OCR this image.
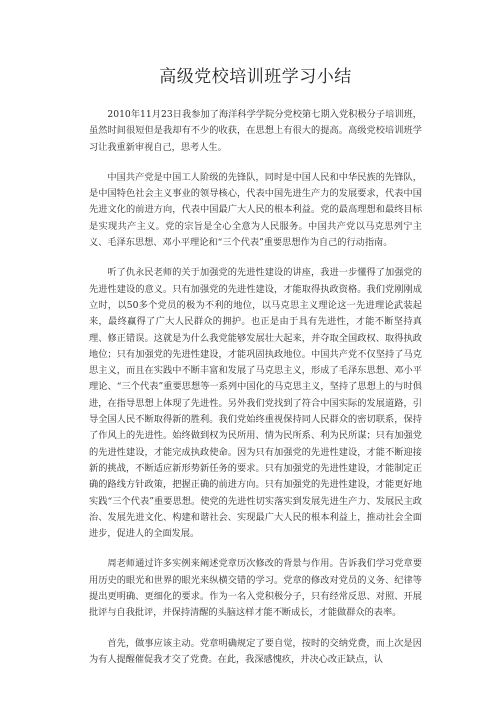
高级党校培训班学习小结

2010年11月23日我参加了海洋科学学院分党校第七期入党积极分子培训班，虽然时间很短但是我却有不少的收获，在思想上有很大的提高。高级党校培训班学习让我重新审视自己，思考人生。

中国共产党是中国工人阶级的先锋队，同时是中国人民和中华民族的先锋队，是中国特色社会主义事业的领导核心，代表中国先进生产力的发展要求，代表中国先进文化的前进方向，代表中国最广大人民的根本利益。党的最高理想和最终目标是实现共产主义。党的宗旨是全心全意为人民服务。中国共产党以马克思列宁主义、毛泽东思想、邓小平理论和“三个代表”重要思想作为自己的行动指南。

听了仇永民老师的关于加强党的先进性建设的讲座，我进一步懂得了加强党的先进性建设的意义。只有加强党的先进性建设，才能取得执政资格。我们党刚刚成立时，以50多个党员的极为不利的地位，以马克思主义理论这一先进理论武装起来，最终赢得了广大人民群众的拥护。也正是由于具有先进性，才能不断坚持真理、修正错误。这就是为什么我党能够发展壮大起来，并夺取全国政权、取得执政地位；只有加强党的先进性建设，才能巩固执政地位。中国共产党不仅坚持了马克思主义，而且在实践中不断丰富和发展了马克思主义，形成了毛泽东思想、邓小平理论、“三个代表”重要思想等一系列中国化的马克思主义，坚持了思想上的与时俱进，在指导思想上体现了先进性。另外我们党找到了符合中国实际的发展道路，引导全国人民不断取得新的胜利。我们党始终重视保持同人民群众的密切联系，保持了作风上的先进性。始终做到权为民所用、情为民所系、利为民所谋；只有加强党的先进性建设，才能完成执政使命。因为只有加强党的先进性建设，才能不断迎接新的挑战，不断适应新形势新任务的要求。只有加强党的先进性建设，才能制定正确的路线方针政策，把握正确的前进方向。只有加强党的先进性建设，才能更好地实践“三个代表”重要思想。使党的先进性切实落实到发展先进生产力、发展民主政治、发展先进文化、构建和谐社会、实现最广大人民的根本利益上，推动社会全面进步，促进人的全面发展。

周老师通过许多实例来阐述党章历次修改的背景与作用。告诉我们学习党章要用历史的眼光和世界的眼光来纵横交错的学习。党章的修改对党员的义务、纪律等提出更明确、更细化的要求。作为一名入党积极分子，只有经常反思、对照、开展批评与自我批评，并保持清醒的头脑这样才能不断成长，才能做群众的表率。

首先，做事应该主动。党章明确规定了要自觉，按时的交纳党费，而上次是因为有人提醒催促我才交了党费。在此，我深感愧疚，并决心改正缺点，认
